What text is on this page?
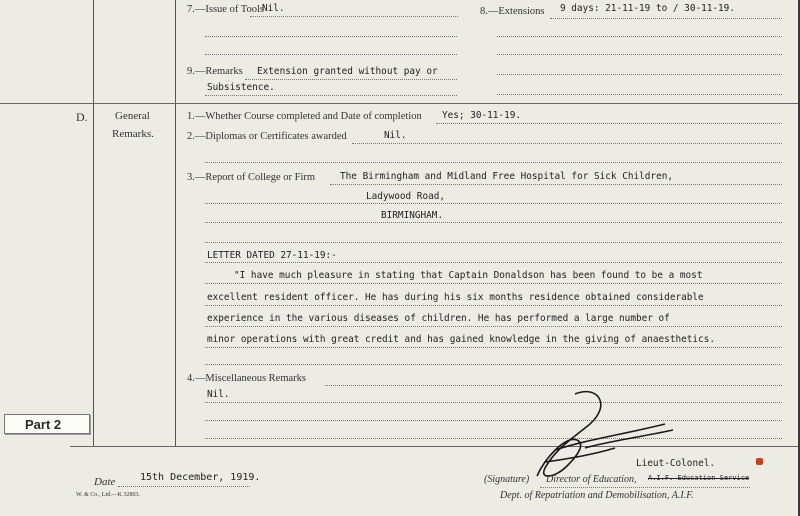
7.—Issue of Tools
Nil.	8.—Extensions 9 days: 21-11-19 to / 30-11-19.
9.—Remarks Extension granted without pay or
Subsistence.
D. General
Remarks.
1.—Whether Course completed and Date of completion Yes; 30-11-19.
2.—Diplomas or Certificates awarded	Nil.
3.—Report of College or Firm	The Birmingham and Midland Free Hospital for Sick Children,
Ladywood Road,
BIRMINGHAM.
LETTER DATED 27-11-19:-
"I have much pleasure in stating that Captain Donaldson has been found to be a most
excellent resident officer. He has during his six months residence obtained considerable
experience in the various diseases of children. He has performed a large number of
minor operations with great credit and has gained knowledge in the giving of anaesthetics.
4.—Miscellaneous Remarks
Nil.
Part 2
Date 15th December, 1919.
W. & Co., Ltd.—K 32803.
Lieut-Colonel.
(Signature) Director of Education, A.I.F. Education Service
Dept. of Repatriation and Demobilisation, A.I.F.
